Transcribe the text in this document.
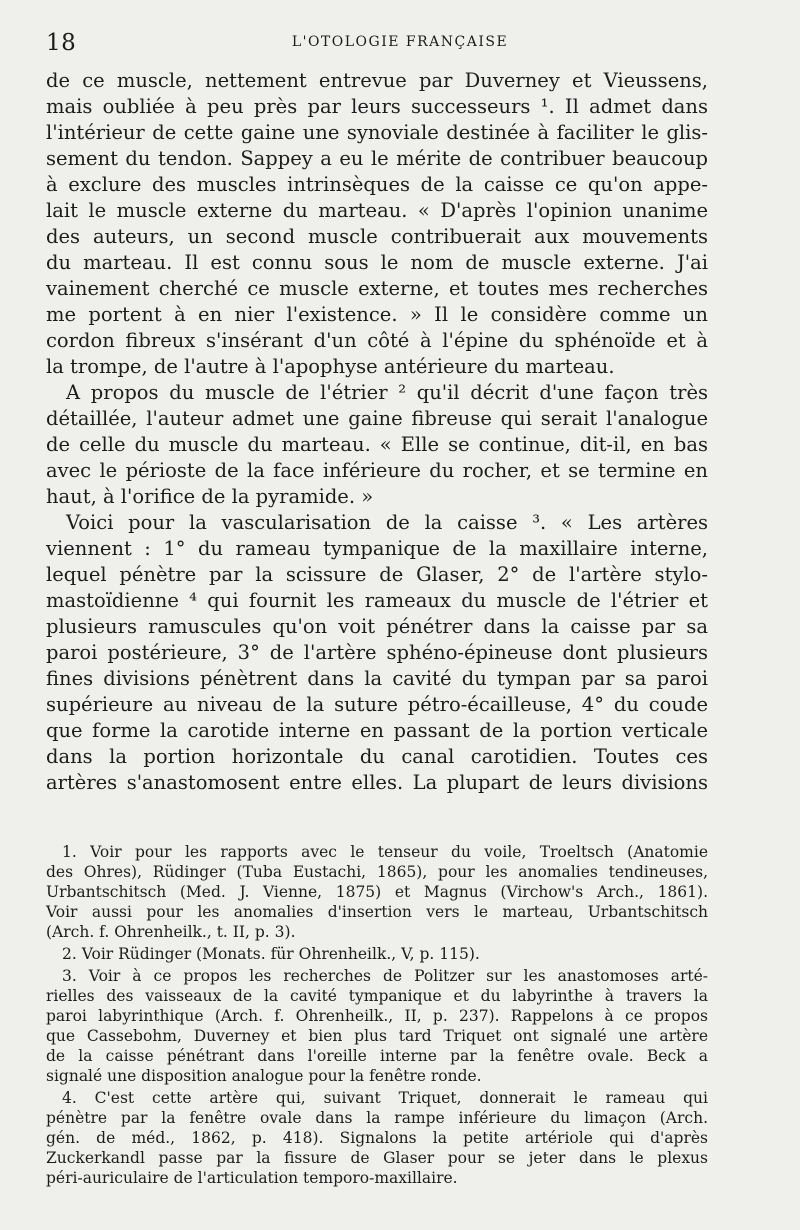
18	L'OTOLOGIE FRANÇAISE
de ce muscle, nettement entrevue par Duverney et Vieussens,
mais oubliée à peu près par leurs successeurs ¹. Il admet dans
l'intérieur de cette gaine une synoviale destinée à faciliter le glis-
sement du tendon. Sappey a eu le mérite de contribuer beaucoup
à exclure des muscles intrinsèques de la caisse ce qu'on appe-
lait le muscle externe du marteau. « D'après l'opinion unanime
des auteurs, un second muscle contribuerait aux mouvements
du marteau. Il est connu sous le nom de muscle externe. J'ai
vainement cherché ce muscle externe, et toutes mes recherches
me portent à en nier l'existence. » Il le considère comme un
cordon fibreux s'insérant d'un côté à l'épine du sphénoïde et à
la trompe, de l'autre à l'apophyse antérieure du marteau.
A propos du muscle de l'étrier ² qu'il décrit d'une façon très
détaillée, l'auteur admet une gaine fibreuse qui serait l'analogue
de celle du muscle du marteau. « Elle se continue, dit-il, en bas
avec le périoste de la face inférieure du rocher, et se termine en
haut, à l'orifice de la pyramide. »
Voici pour la vascularisation de la caisse ³. « Les artères
viennent : 1° du rameau tympanique de la maxillaire interne,
lequel pénètre par la scissure de Glaser, 2° de l'artère stylo-
mastoïdienne ⁴ qui fournit les rameaux du muscle de l'étrier et
plusieurs ramuscules qu'on voit pénétrer dans la caisse par sa
paroi postérieure, 3° de l'artère sphéno-épineuse dont plusieurs
fines divisions pénètrent dans la cavité du tympan par sa paroi
supérieure au niveau de la suture pétro-écailleuse, 4° du coude
que forme la carotide interne en passant de la portion verticale
dans la portion horizontale du canal carotidien. Toutes ces
artères s'anastomosent entre elles. La plupart de leurs divisions
1. Voir pour les rapports avec le tenseur du voile, Troeltsch (Anatomie
des Ohres), Rüdinger (Tuba Eustachi, 1865), pour les anomalies tendineuses,
Urbantschitsch (Med. J. Vienne, 1875) et Magnus (Virchow's Arch., 1861).
Voir aussi pour les anomalies d'insertion vers le marteau, Urbantschitsch
(Arch. f. Ohrenheilk., t. II, p. 3).
2. Voir Rüdinger (Monats. für Ohrenheilk., V, p. 115).
3. Voir à ce propos les recherches de Politzer sur les anastomoses arté-
rielles des vaisseaux de la cavité tympanique et du labyrinthe à travers la
paroi labyrinthique (Arch. f. Ohrenheilk., II, p. 237). Rappelons à ce propos
que Cassebohm, Duverney et bien plus tard Triquet ont signalé une artère
de la caisse pénétrant dans l'oreille interne par la fenêtre ovale. Beck a
signalé une disposition analogue pour la fenêtre ronde.
4. C'est cette artère qui, suivant Triquet, donnerait le rameau qui
pénètre par la fenêtre ovale dans la rampe inférieure du limaçon (Arch.
gén. de méd., 1862, p. 418). Signalons la petite artériole qui d'après
Zuckerkandl passe par la fissure de Glaser pour se jeter dans le plexus
péri-auriculaire de l'articulation temporo-maxillaire.
